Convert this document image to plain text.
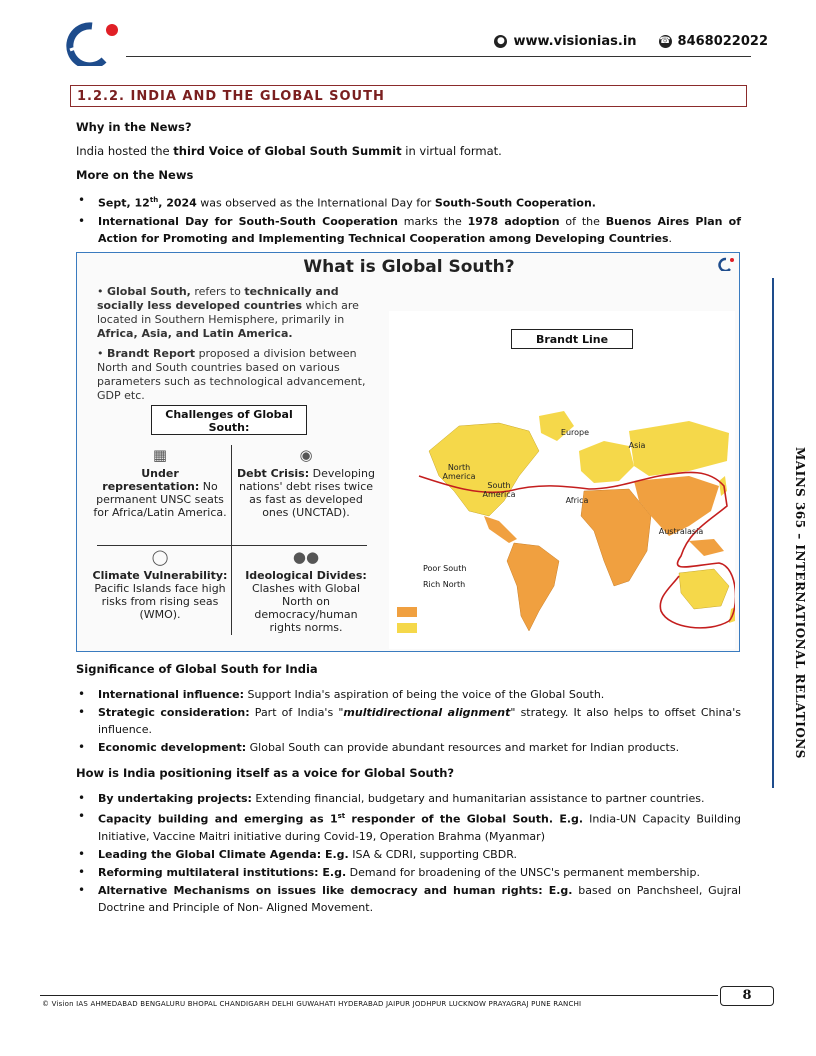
● www.visionias.in	☎ 8468022022
1.2.2. INDIA AND THE GLOBAL SOUTH
Why in the News?
India hosted the third Voice of Global South Summit in virtual format.
More on the News
• Sept, 12th, 2024 was observed as the International Day for South-South Cooperation.
• International Day for South-South Cooperation marks the 1978 adoption of the Buenos Aires Plan of Action for Promoting and Implementing Technical Cooperation among Developing Countries.
What is Global South?

• Global South, refers to technically and socially less developed countries which are located in Southern Hemisphere, primarily in Africa, Asia, and Latin America.

• Brandt Report proposed a division between North and South countries based on various parameters such as technological advancement, GDP etc.

Challenges of Global South:
▦
Under representation: No permanent UNSC seats for Africa/Latin America.
◉
Debt Crisis: Developing nations' debt rises twice as fast as developed ones (UNCTAD).
◯
Climate Vulnerability: Pacific Islands face high risks from rising seas (WMO).
●●
Ideological Divides: Clashes with Global North on democracy/human rights norms.
Brandt Line
North America
Europe
Asia
Africa
South America
Australasia
Poor South
Rich North
Significance of Global South for India
• International influence: Support India's aspiration of being the voice of the Global South.
• Strategic consideration: Part of India's "multidirectional alignment" strategy. It also helps to offset China's influence.
• Economic development: Global South can provide abundant resources and market for Indian products.
How is India positioning itself as a voice for Global South?
• By undertaking projects: Extending financial, budgetary and humanitarian assistance to partner countries.
• Capacity building and emerging as 1st responder of the Global South. E.g. India-UN Capacity Building Initiative, Vaccine Maitri initiative during Covid-19, Operation Brahma (Myanmar)
• Leading the Global Climate Agenda: E.g. ISA & CDRI, supporting CBDR.
• Reforming multilateral institutions: E.g. Demand for broadening of the UNSC's permanent membership.
• Alternative Mechanisms on issues like democracy and human rights: E.g. based on Panchsheel, Gujral Doctrine and Principle of Non- Aligned Movement.
MAINS 365 – INTERNATIONAL RELATIONS
© Vision IAS AHMEDABAD BENGALURU BHOPAL CHANDIGARH DELHI GUWAHATI HYDERABAD JAIPUR JODHPUR LUCKNOW PRAYAGRAJ PUNE RANCHI
8
